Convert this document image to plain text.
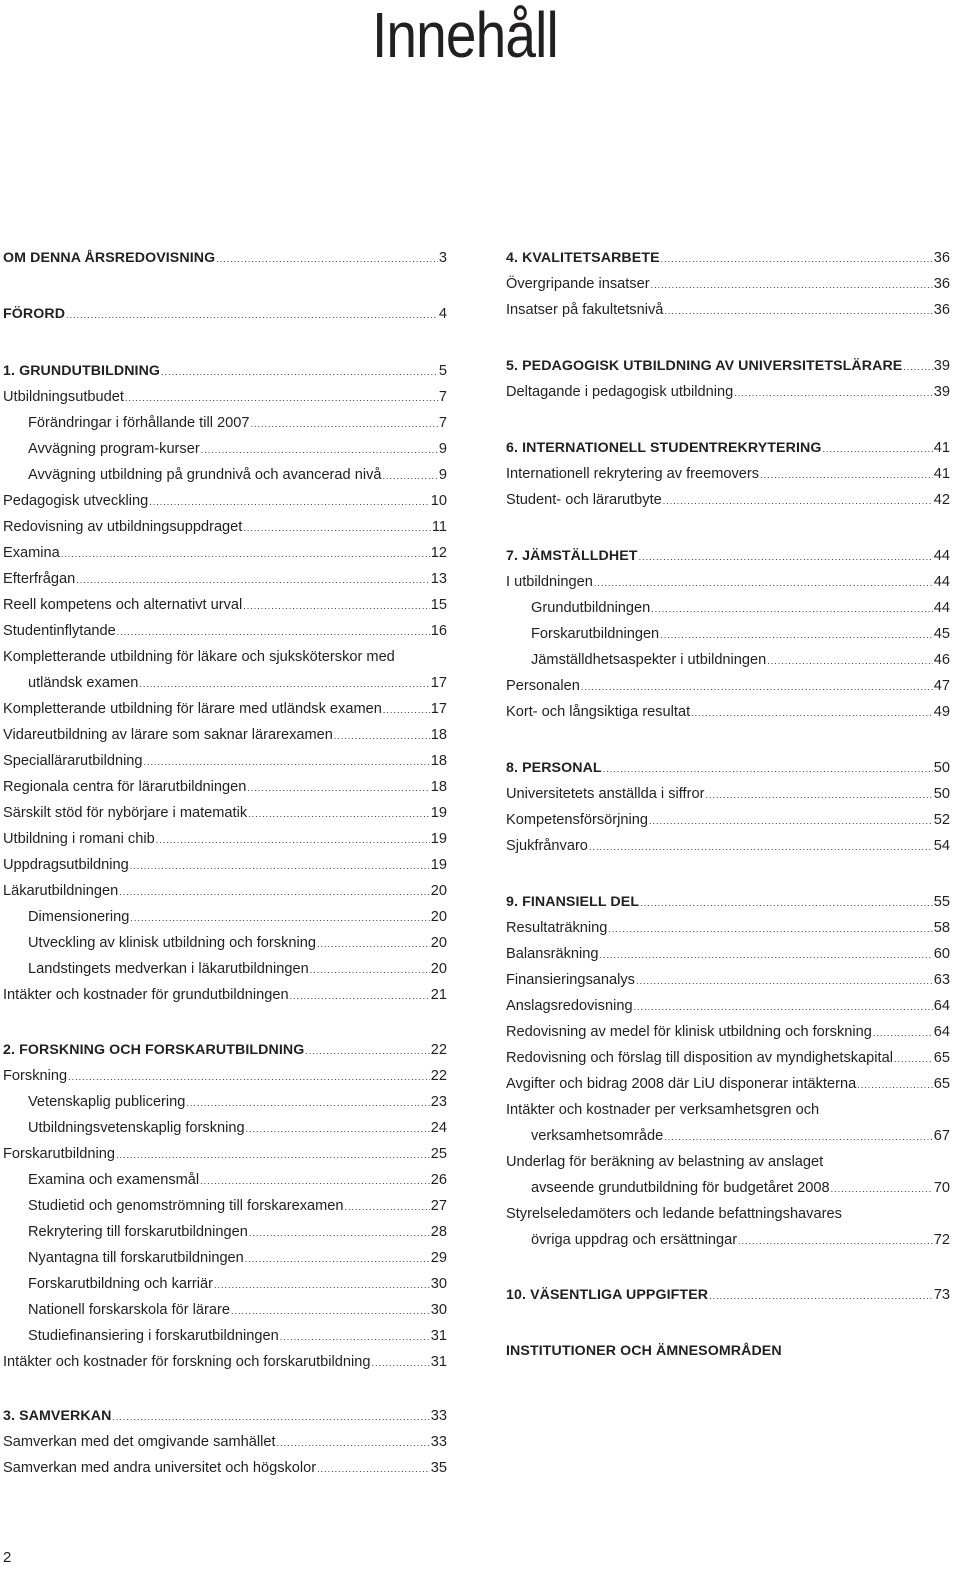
Innehåll
OM DENNA ÅRSREDOVISNING .....	3
FÖRORD .....	4
1. GRUNDUTBILDNING .....	5
Utbildningsutbudet .....	7
Förändringar i förhållande till 2007 .....	7
Avvägning program-kurser .....	9
Avvägning utbildning på grundnivå och avancerad nivå .....	9
Pedagogisk utveckling .....	10
Redovisning av utbildningsuppdraget .....	11
Examina .....	12
Efterfrågan .....	13
Reell kompetens och alternativt urval .....	15
Studentinflytande .....	16
Kompletterande utbildning för läkare och sjuksköterskor med
utländsk examen .....	17
Kompletterande utbildning för lärare med utländsk examen .....	17
Vidareutbildning av lärare som saknar lärarexamen .....	18
Speciallärarutbildning .....	18
Regionala centra för lärarutbildningen .....	18
Särskilt stöd för nybörjare i matematik .....	19
Utbildning i romani chib .....	19
Uppdragsutbildning .....	19
Läkarutbildningen .....	20
Dimensionering .....	20
Utveckling av klinisk utbildning och forskning .....	20
Landstingets medverkan i läkarutbildningen .....	20
Intäkter och kostnader för grundutbildningen .....	21
2. FORSKNING OCH FORSKARUTBILDNING .....	22
Forskning .....	22
Vetenskaplig publicering .....	23
Utbildningsvetenskaplig forskning .....	24
Forskarutbildning .....	25
Examina och examensmål .....	26
Studietid och genomströmning till forskarexamen .....	27
Rekrytering till forskarutbildningen .....	28
Nyantagna till forskarutbildningen .....	29
Forskarutbildning och karriär .....	30
Nationell forskarskola för lärare .....	30
Studiefinansiering i forskarutbildningen .....	31
Intäkter och kostnader för forskning och forskarutbildning .....	31
3. SAMVERKAN .....	33
Samverkan med det omgivande samhället .....	33
Samverkan med andra universitet och högskolor .....	35
4. KVALITETSARBETE .....	36
Övergripande insatser .....	36
Insatser på fakultetsnivå .....	36
5. PEDAGOGISK UTBILDNING AV UNIVERSITETSLÄRARE ..... 39
Deltagande i pedagogisk utbildning .....	39
6. INTERNATIONELL STUDENTREKRYTERING .....	41
Internationell rekrytering av freemovers .....	41
Student- och lärarutbyte .....	42
7. JÄMSTÄLLDHET .....	44
I utbildningen .....	44
Grundutbildningen .....	44
Forskarutbildningen .....	45
Jämställdhetsaspekter i utbildningen .....	46
Personalen .....	47
Kort- och långsiktiga resultat .....	49
8. PERSONAL .....	50
Universitetets anställda i siffror .....	50
Kompetensförsörjning .....	52
Sjukfrånvaro .....	54
9. FINANSIELL DEL .....	55
Resultaträkning .....	58
Balansräkning .....	60
Finansieringsanalys .....	63
Anslagsredovisning .....	64
Redovisning av medel för klinisk utbildning och forskning .....	64
Redovisning och förslag till disposition av myndighetskapital .....	65
Avgifter och bidrag 2008 där LiU disponerar intäkterna .....	65
Intäkter och kostnader per verksamhetsgren och
verksamhetsområde .....	67
Underlag för beräkning av belastning av anslaget
avseende grundutbildning för budgetåret 2008 .....	70
Styrelseledamöters och ledande befattningshavares
övriga uppdrag och ersättningar .....	72
10. VÄSENTLIGA UPPGIFTER .....	73
INSTITUTIONER OCH ÄMNESOMRÅDEN
2
